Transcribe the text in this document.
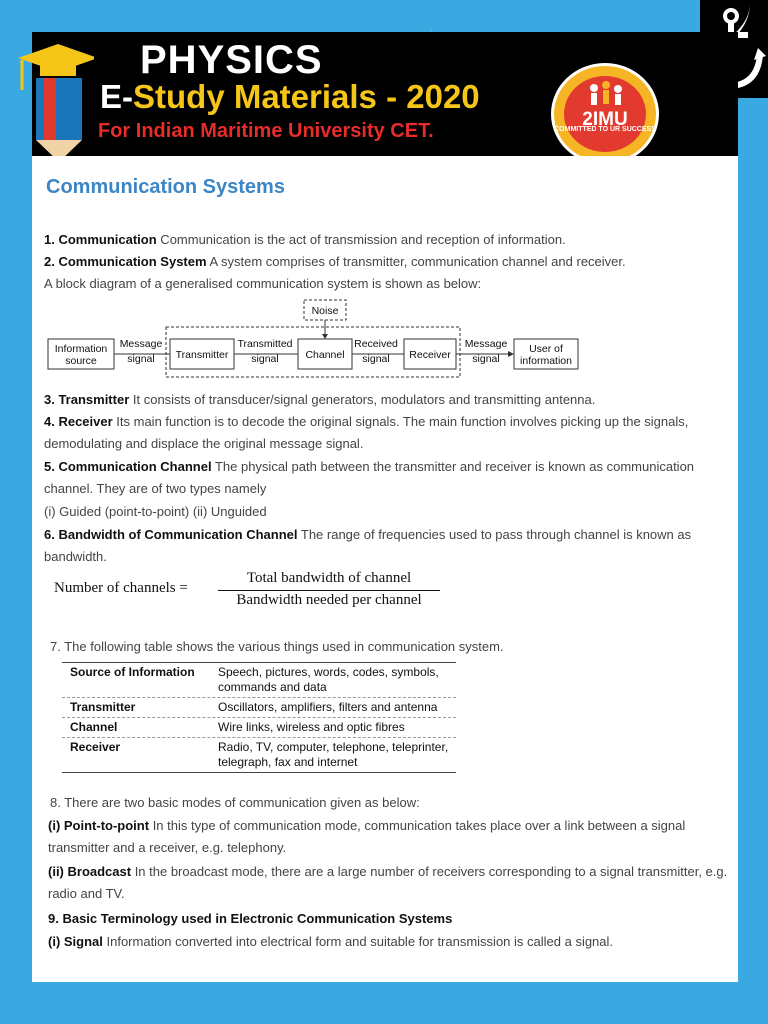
PHYSICS
E-Study Materials - 2020
For Indian Maritime University CET.
2IMU
COMMITTED TO UR SUCCESS
Communication Systems
1. Communication Communication is the act of transmission and reception of information.
2. Communication System A system comprises of transmitter, communication channel and receiver.
A block diagram of a generalised communication system is shown as below:
Noise
Information
source
Message
signal Transmitter
Transmitted
signal	Channel
Received
signal Receiver
Message
signal
User of
information
3. Transmitter It consists of transducer/signal generators, modulators and transmitting antenna.
4. Receiver Its main function is to decode the original signals. The main function involves picking up the signals, demodulating and displace the original message signal.
5. Communication Channel The physical path between the transmitter and receiver is known as communication channel. They are of two types namely
(i) Guided (point-to-point) (ii) Unguided
6. Bandwidth of Communication Channel The range of frequencies used to pass through channel is known as bandwidth.
Number of channels =
Total bandwidth of channel
Bandwidth needed per channel
7. The following table shows the various things used in communication system.
Source of Information	Speech, pictures, words, codes, symbols, commands and data
Transmitter	Oscillators, amplifiers, filters and antenna
Channel	Wire links, wireless and optic fibres
Receiver	Radio, TV, computer, telephone, teleprinter, telegraph, fax and internet
8. There are two basic modes of communication given as below:
(i) Point-to-point In this type of communication mode, communication takes place over a link between a signal transmitter and a receiver, e.g. telephony.
(ii) Broadcast In the broadcast mode, there are a large number of receivers corresponding to a signal transmitter, e.g. radio and TV.
9. Basic Terminology used in Electronic Communication Systems
(i) Signal Information converted into electrical form and suitable for transmission is called a signal.
